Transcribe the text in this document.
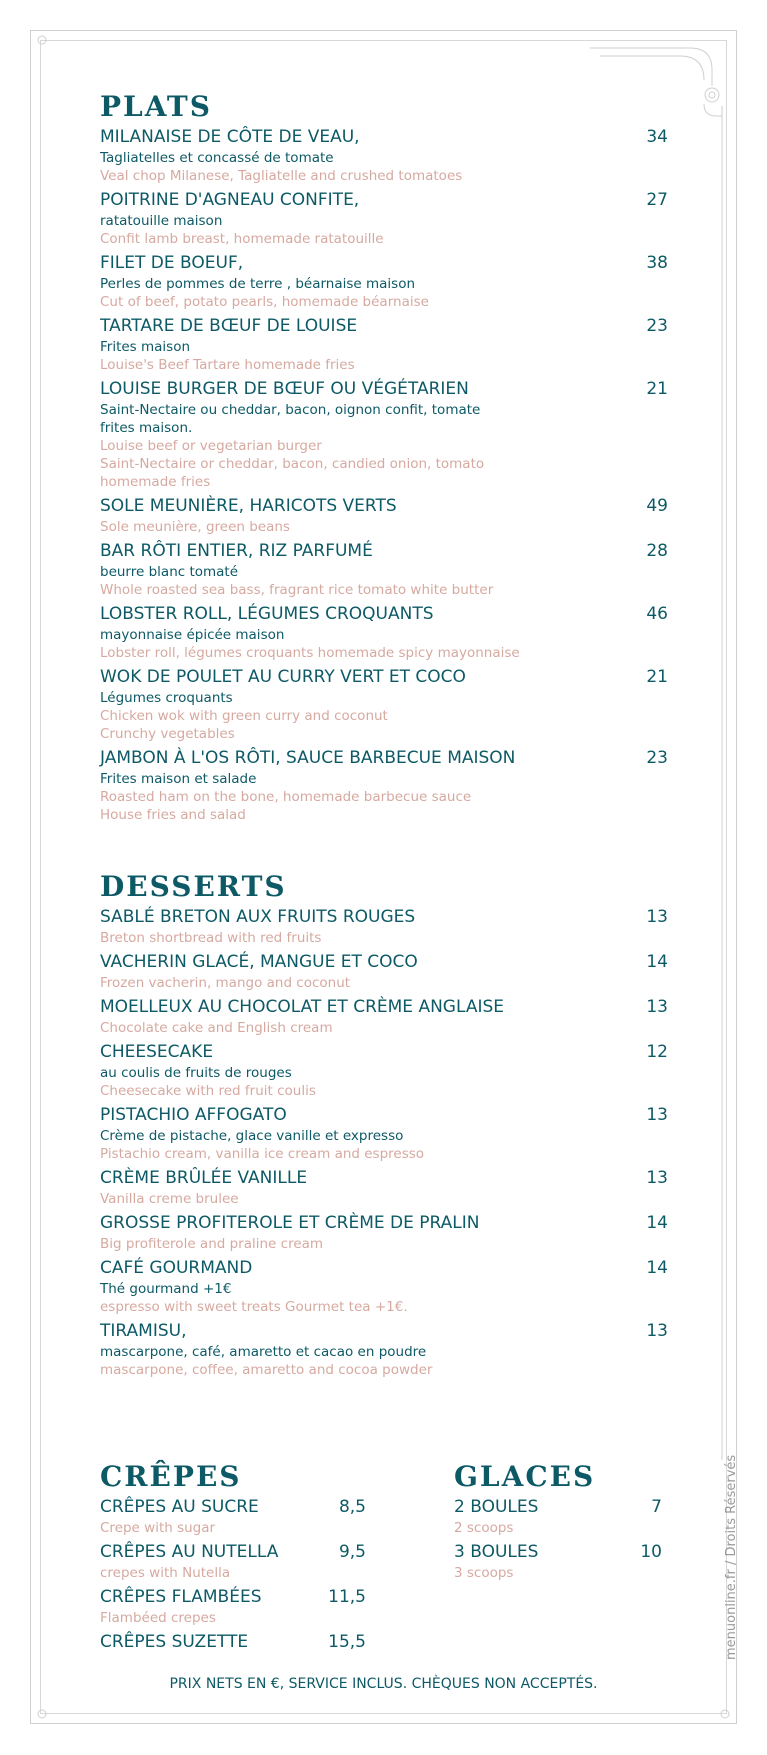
PLATS
MILANAISE DE CÔTE DE VEAU,	34
Tagliatelles et concassé de tomate
Veal chop Milanese, Tagliatelle and crushed tomatoes
POITRINE D'AGNEAU CONFITE,	27
ratatouille maison
Confit lamb breast, homemade ratatouille
FILET DE BOEUF,	38
Perles de pommes de terre , béarnaise maison
Cut of beef, potato pearls, homemade béarnaise
TARTARE DE BŒUF DE LOUISE	23
Frites maison
Louise's Beef Tartare homemade fries
LOUISE BURGER DE BŒUF OU VÉGÉTARIEN	21
Saint-Nectaire ou cheddar, bacon, oignon confit, tomate
frites maison.
Louise beef or vegetarian burger
Saint-Nectaire or cheddar, bacon, candied onion, tomato
homemade fries
SOLE MEUNIÈRE, HARICOTS VERTS	49
Sole meunière, green beans
BAR RÔTI ENTIER, RIZ PARFUMÉ	28
beurre blanc tomaté
Whole roasted sea bass, fragrant rice tomato white butter
LOBSTER ROLL, LÉGUMES CROQUANTS	46
mayonnaise épicée maison
Lobster roll, légumes croquants homemade spicy mayonnaise
WOK DE POULET AU CURRY VERT ET COCO	21
Légumes croquants
Chicken wok with green curry and coconut
Crunchy vegetables
JAMBON À L'OS RÔTI, SAUCE BARBECUE MAISON	23
Frites maison et salade
Roasted ham on the bone, homemade barbecue sauce
House fries and salad
DESSERTS
SABLÉ BRETON AUX FRUITS ROUGES	13
Breton shortbread with red fruits
VACHERIN GLACÉ, MANGUE ET COCO	14
Frozen vacherin, mango and coconut
MOELLEUX AU CHOCOLAT ET CRÈME ANGLAISE	13
Chocolate cake and English cream
CHEESECAKE	12
au coulis de fruits de rouges
Cheesecake with red fruit coulis
PISTACHIO AFFOGATO	13
Crème de pistache, glace vanille et expresso
Pistachio cream, vanilla ice cream and espresso
CRÈME BRÛLÉE VANILLE	13
Vanilla creme brulee
GROSSE PROFITEROLE ET CRÈME DE PRALIN	14
Big profiterole and praline cream
CAFÉ GOURMAND	14
Thé gourmand +1€
espresso with sweet treats Gourmet tea +1€.
TIRAMISU,	13
mascarpone, café, amaretto et cacao en poudre
mascarpone, coffee, amaretto and cocoa powder
CRÊPES
CRÊPES AU SUCRE	8,5
Crepe with sugar
CRÊPES AU NUTELLA	9,5
crepes with Nutella
CRÊPES FLAMBÉES	11,5
Flambéed crepes
CRÊPES SUZETTE	15,5
GLACES
2 BOULES	7
2 scoops
3 BOULES	10
3 scoops
PRIX NETS EN €, SERVICE INCLUS. CHÈQUES NON ACCEPTÉS.
menuonline.fr / Droits Réservés
